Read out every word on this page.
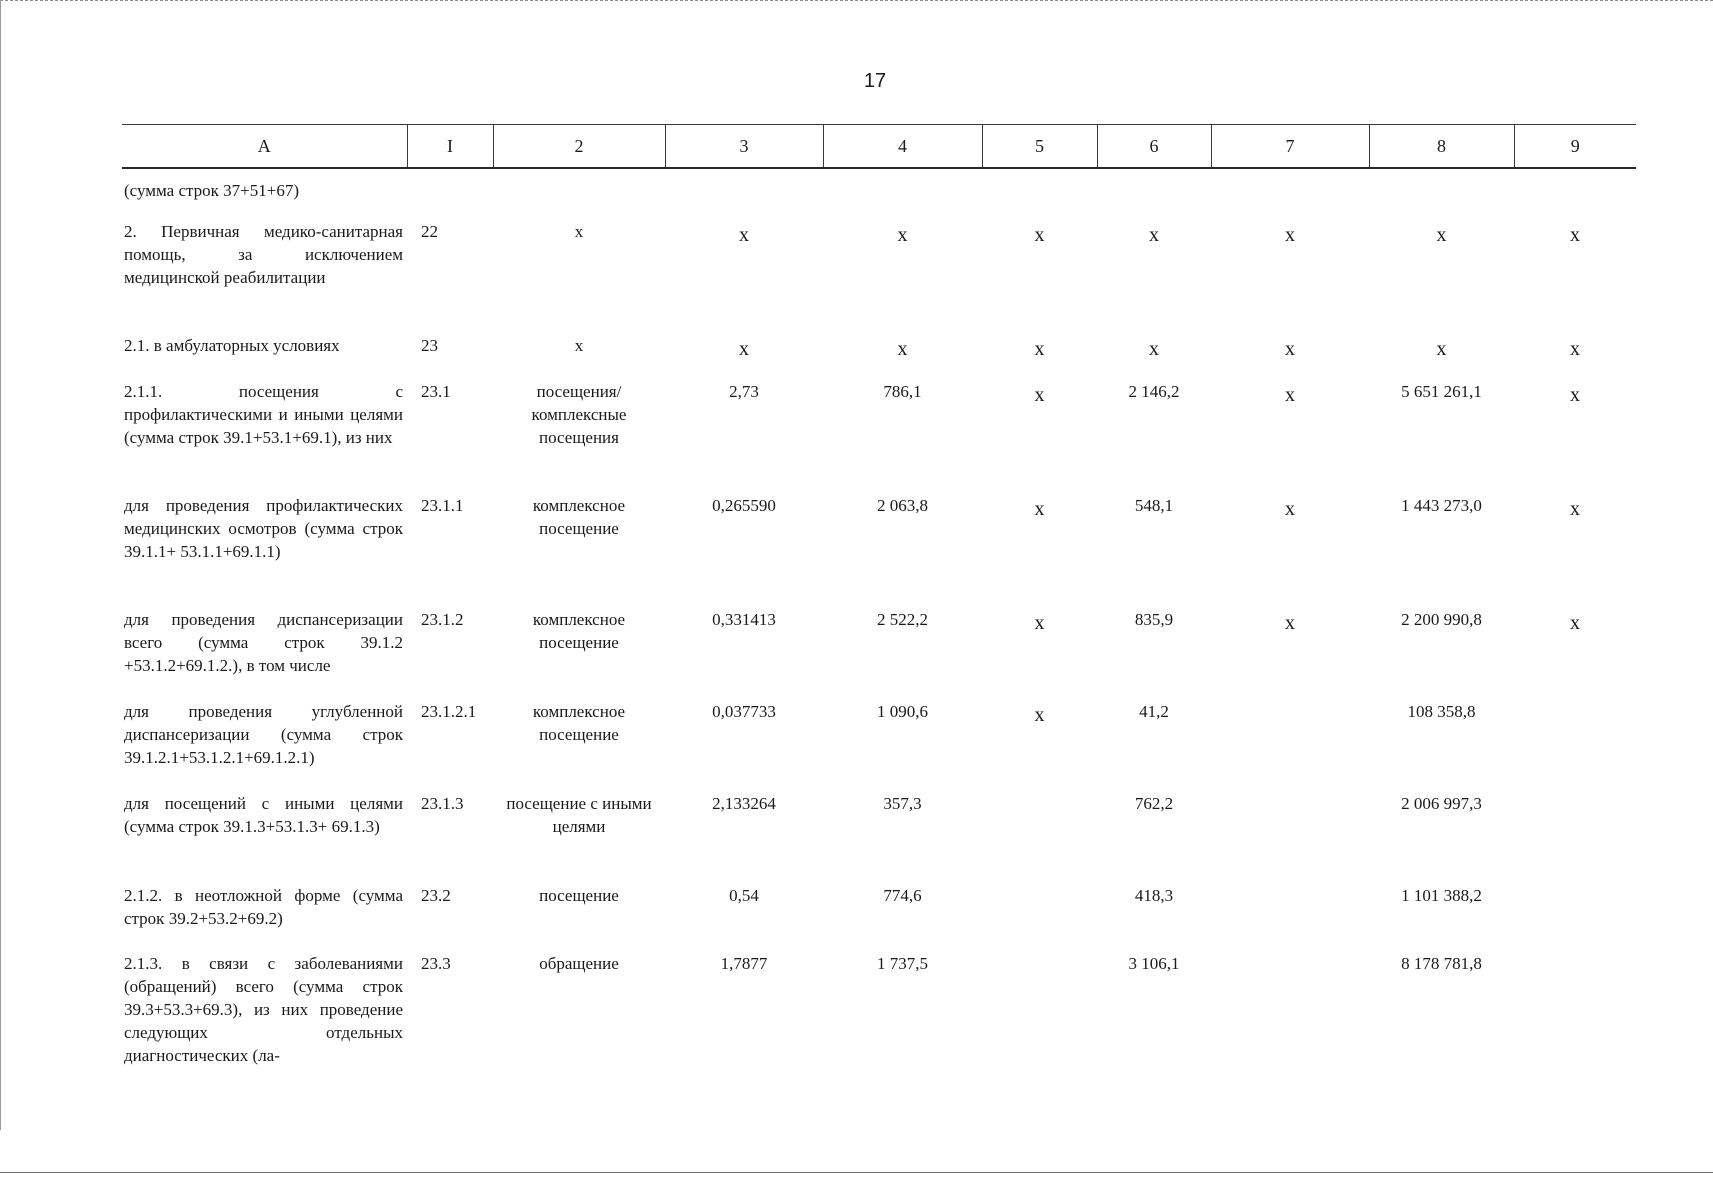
17
А	I	2	3	4	5	6	7	8	9
(сумма строк 37+51+67)									
2. Первичная медико-санитарная помощь, за исключением медицинской реабилитации	22	х	х	х	х	х	х	х	х
2.1. в амбулаторных условиях	23	х	х	х	х	х	х	х	х
2.1.1. посещения с профилактическими и иными целями (сумма строк 39.1+53.1+69.1), из них	23.1	посещения/комплексные посещения	2,73	786,1	х	2 146,2	х	5 651 261,1	х
для проведения профилактических медицинских осмотров (сумма строк 39.1.1+ 53.1.1+69.1.1)	23.1.1	комплексное посещение	0,265590	2 063,8	х	548,1	х	1 443 273,0	х
для проведения диспансеризации всего (сумма строк 39.1.2 +53.1.2+69.1.2.), в том числе	23.1.2	комплексное посещение	0,331413	2 522,2	х	835,9	х	2 200 990,8	х
для проведения углубленной диспансеризации (сумма строк 39.1.2.1+53.1.2.1+69.1.2.1)	23.1.2.1	комплексное посещение	0,037733	1 090,6	х	41,2		108 358,8	
для посещений с иными целями (сумма строк 39.1.3+53.1.3+ 69.1.3)	23.1.3	посещение с иными целями	2,133264	357,3		762,2		2 006 997,3	
2.1.2. в неотложной форме (сумма строк 39.2+53.2+69.2)	23.2	посещение	0,54	774,6		418,3		1 101 388,2	
2.1.3. в связи с заболеваниями (обращений) всего (сумма строк 39.3+53.3+69.3), из них проведение следующих отдельных диагностических (ла-	23.3	обращение	1,7877	1 737,5		3 106,1		8 178 781,8	
